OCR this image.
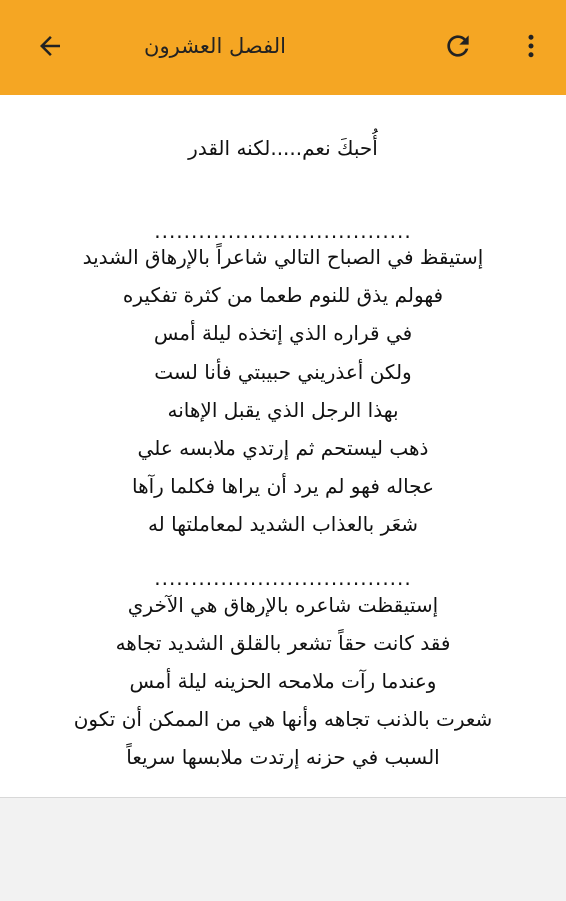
الفصل العشرون
أُحبكَ نعم.....لكنه القدر
...................................
إستيقظ في الصباح التالي شاعراً بالإرهاق الشديد
فهولم يذق للنوم طعما من كثرة تفكيره
في قراره الذي إتخذه ليلة أمس
ولكن أعذريني حبيبتي فأنا لست
بهذا الرجل الذي يقبل الإهانه
ذهب ليستحم ثم إرتدي ملابسه علي
عجاله فهو لم يرد أن يراها فكلما رآها
شعَر بالعذاب الشديد لمعاملتها له
...................................
إستيقظت شاعره بالإرهاق هي الآخري
فقد كانت حقاً تشعر بالقلق الشديد تجاهه
وعندما رآت ملامحه الحزينه ليلة أمس
شعرت بالذنب تجاهه وأنها هي من الممكن أن تكون
السبب في حزنه إرتدت ملابسها سريعاً
